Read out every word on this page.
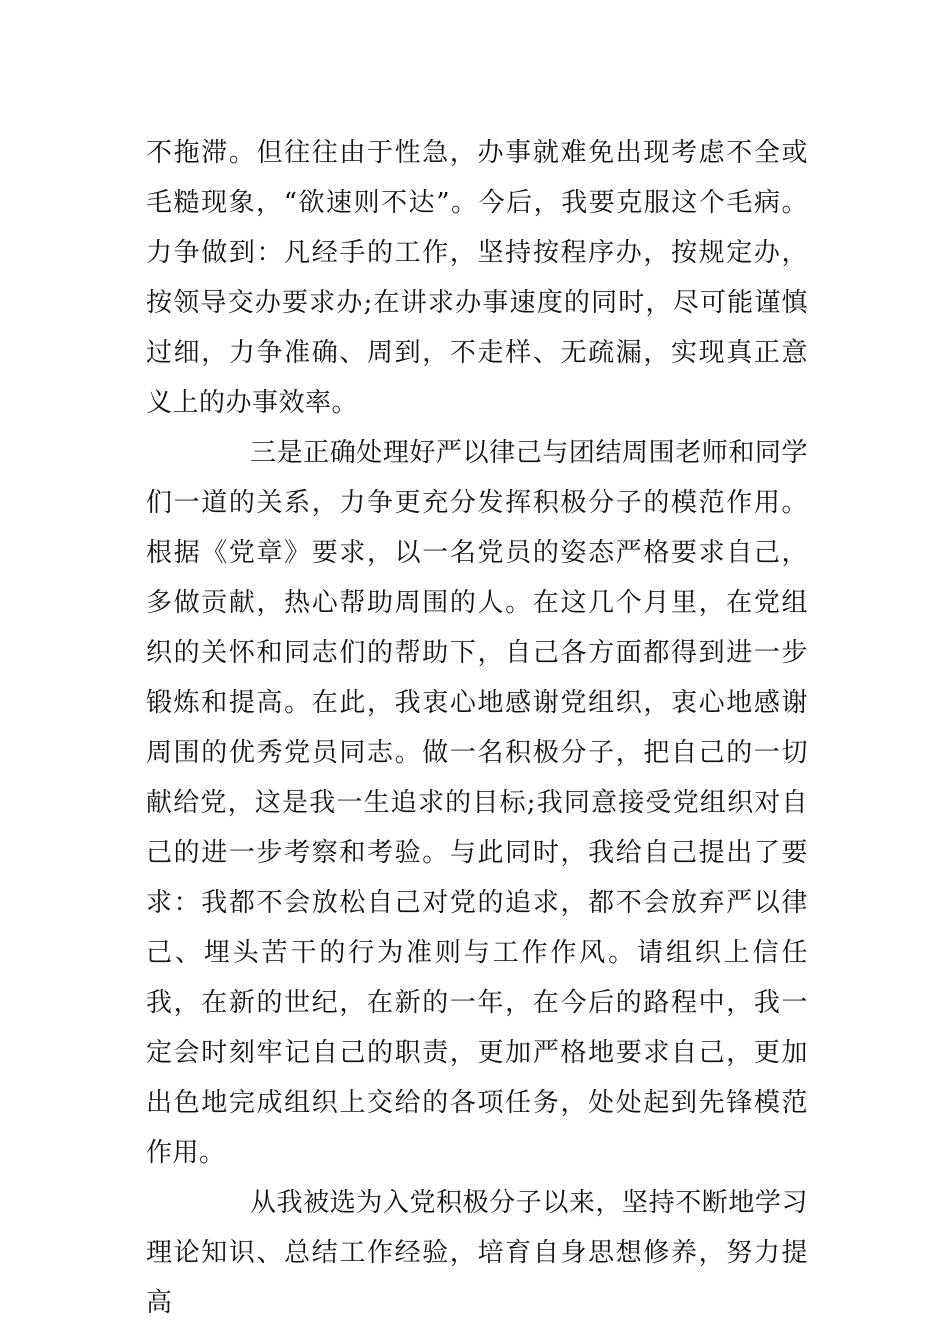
不拖滞。但往往由于性急，办事就难免出现考虑不全或毛糙现象，“欲速则不达”。今后，我要克服这个毛病。力争做到：凡经手的工作，坚持按程序办，按规定办，按领导交办要求办;在讲求办事速度的同时，尽可能谨慎过细，力争准确、周到，不走样、无疏漏，实现真正意义上的办事效率。

三是正确处理好严以律己与团结周围老师和同学们一道的关系，力争更充分发挥积极分子的模范作用。根据《党章》要求，以一名党员的姿态严格要求自己，多做贡献，热心帮助周围的人。在这几个月里，在党组织的关怀和同志们的帮助下，自己各方面都得到进一步锻炼和提高。在此，我衷心地感谢党组织，衷心地感谢周围的优秀党员同志。做一名积极分子，把自己的一切献给党，这是我一生追求的目标;我同意接受党组织对自己的进一步考察和考验。与此同时，我给自己提出了要求：我都不会放松自己对党的追求，都不会放弃严以律己、埋头苦干的行为准则与工作作风。请组织上信任我，在新的世纪，在新的一年，在今后的路程中，我一定会时刻牢记自己的职责，更加严格地要求自己，更加出色地完成组织上交给的各项任务，处处起到先锋模范作用。

从我被选为入党积极分子以来，坚持不断地学习理论知识、总结工作经验，培育自身思想修养，努力提高
